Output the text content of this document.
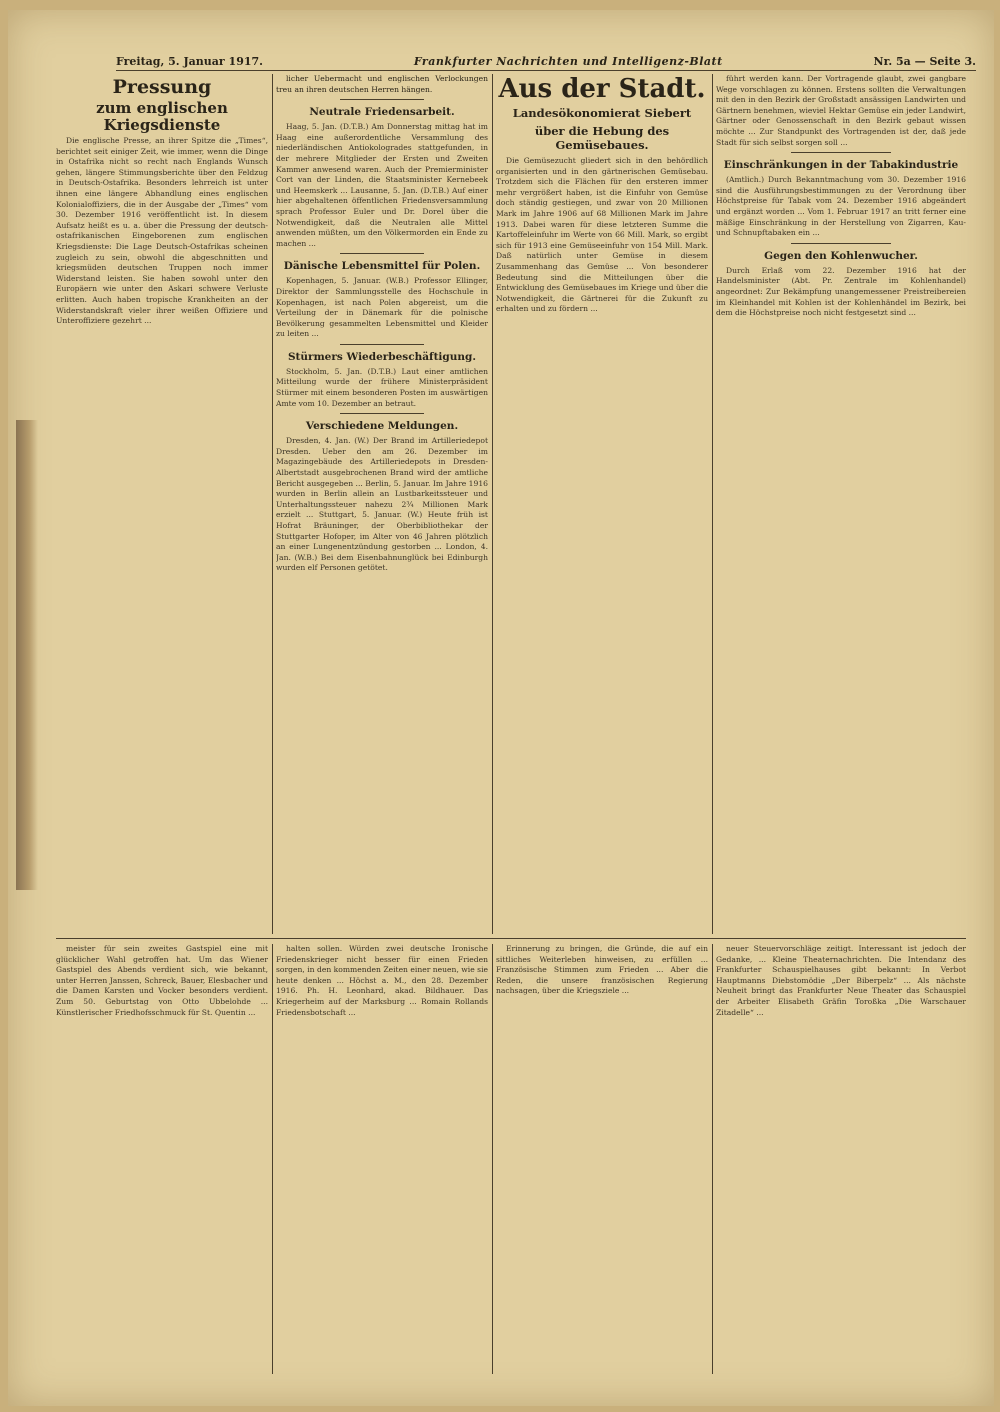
Freitag, 5. Januar 1917.	Frankfurter Nachrichten und Intelligenz-Blatt	Nr. 5a — Seite 3.
Pressung
zum englischen Kriegsdienste

Die englische Presse, an ihrer Spitze die „Times“, berichtet seit einiger Zeit, wie immer, wenn die Dinge in Ostafrika nicht so recht nach Englands Wunsch gehen, längere Stimmungsberichte über den Feldzug in Deutsch-Ostafrika. Besonders lehrreich ist unter ihnen eine längere Abhandlung eines englischen Kolonialoffiziers, die in der Ausgabe der „Times“ vom 30. Dezember 1916 veröffentlicht ist. In diesem Aufsatz heißt es u. a. über die Pressung der deutsch-ostafrikanischen Eingeborenen zum englischen Kriegsdienste: Die Lage Deutsch-Ostafrikas scheinen zugleich zu sein, obwohl die abgeschnitten und kriegsmüden deutschen Truppen noch immer Widerstand leisten. Sie haben sowohl unter den Europäern wie unter den Askari schwere Verluste erlitten. Auch haben tropische Krankheiten an der Widerstandskraft vieler ihrer weißen Offiziere und Unteroffiziere gezehrt ...

licher Uebermacht und englischen Verlockungen treu an ihren deutschen Herren hängen.

Neutrale Friedensarbeit.

Haag, 5. Jan. (D.T.B.) Am Donnerstag mittag hat im Haag eine außerordentliche Versammlung des niederländischen Antiokologrades stattgefunden, in der mehrere Mitglieder der Ersten und Zweiten Kammer anwesend waren. Auch der Premierminister Cort van der Linden, die Staatsminister Kernebeek und Heemskerk ... Lausanne, 5. Jan. (D.T.B.) Auf einer hier abgehaltenen öffentlichen Friedensversammlung sprach Professor Euler und Dr. Dorel über die Notwendigkeit, daß die Neutralen alle Mittel anwenden müßten, um den Völkermorden ein Ende zu machen ...

Dänische Lebensmittel für Polen.

Kopenhagen, 5. Januar. (W.B.) Professor Ellinger, Direktor der Sammlungsstelle des Hochschule in Kopenhagen, ist nach Polen abgereist, um die Verteilung der in Dänemark für die polnische Bevölkerung gesammelten Lebensmittel und Kleider zu leiten ...

Stürmers Wiederbeschäftigung.

Stockholm, 5. Jan. (D.T.B.) Laut einer amtlichen Mitteilung wurde der frühere Ministerpräsident Stürmer mit einem besonderen Posten im auswärtigen Amte vom 10. Dezember an betraut.

Verschiedene Meldungen.

Dresden, 4. Jan. (W.) Der Brand im Artilleriedepot Dresden. Ueber den am 26. Dezember im Magazingebäude des Artilleriedepots in Dresden-Albertstadt ausgebrochenen Brand wird der amtliche Bericht ausgegeben ... Berlin, 5. Januar. Im Jahre 1916 wurden in Berlin allein an Lustbarkeitssteuer und Unterhaltungssteuer nahezu 2¾ Millionen Mark erzielt ... Stuttgart, 5. Januar. (W.) Heute früh ist Hofrat Bräuninger, der Oberbibliothekar der Stuttgarter Hofoper, im Alter von 46 Jahren plötzlich an einer Lungenentzündung gestorben ... London, 4. Jan. (W.B.) Bei dem Eisenbahnunglück bei Edinburgh wurden elf Personen getötet.

Aus der Stadt.
Landesökonomierat Siebert
über die Hebung des Gemüsebaues.

Die Gemüsezucht gliedert sich in den behördlich organisierten und in den gärtnerischen Gemüsebau. Trotzdem sich die Flächen für den ersteren immer mehr vergrößert haben, ist die Einfuhr von Gemüse doch ständig gestiegen, und zwar von 20 Millionen Mark im Jahre 1906 auf 68 Millionen Mark im Jahre 1913. Dabei waren für diese letzteren Summe die Kartoffeleinfuhr im Werte von 66 Mill. Mark, so ergibt sich für 1913 eine Gemüseeinfuhr von 154 Mill. Mark. Daß natürlich unter Gemüse in diesem Zusammenhang das Gemüse ... Von besonderer Bedeutung sind die Mitteilungen über die Entwicklung des Gemüsebaues im Kriege und über die Notwendigkeit, die Gärtnerei für die Zukunft zu erhalten und zu fördern ...

führt werden kann. Der Vortragende glaubt, zwei gangbare Wege vorschlagen zu können. Erstens sollten die Verwaltungen mit den in den Bezirk der Großstadt ansässigen Landwirten und Gärtnern benehmen, wieviel Hektar Gemüse ein jeder Landwirt, Gärtner oder Genossenschaft in den Bezirk gebaut wissen möchte ... Zur Standpunkt des Vortragenden ist der, daß jede Stadt für sich selbst sorgen soll ...

Einschränkungen in der Tabakindustrie

(Amtlich.) Durch Bekanntmachung vom 30. Dezember 1916 sind die Ausführungsbestimmungen zu der Verordnung über Höchstpreise für Tabak vom 24. Dezember 1916 abgeändert und ergänzt worden ... Vom 1. Februar 1917 an tritt ferner eine mäßige Einschränkung in der Herstellung von Zigarren, Kau- und Schnupftabaken ein ...

Gegen den Kohlenwucher.

Durch Erlaß vom 22. Dezember 1916 hat der Handelsminister (Abt. Pr. Zentrale im Kohlenhandel) angeordnet: Zur Bekämpfung unangemessener Preistreibereien im Kleinhandel mit Kohlen ist der Kohlenhändel im Bezirk, bei dem die Höchstpreise noch nicht festgesetzt sind ...

meister für sein zweites Gastspiel eine mit glücklicher Wahl getroffen hat. Um das Wiener Gastspiel des Abends verdient sich, wie bekannt, unter Herren Janssen, Schreck, Bauer, Elesbacher und die Damen Karsten und Vocker besonders verdient. Zum 50. Geburtstag von Otto Ubbelohde ... Künstlerischer Friedhofsschmuck für St. Quentin ...

halten sollen. Würden zwei deutsche Ironische Friedenskrieger nicht besser für einen Frieden sorgen, in den kommenden Zeiten einer neuen, wie sie heute denken ... Höchst a. M., den 28. Dezember 1916. Ph. H. Leonhard, akad. Bildhauer. Das Kriegerheim auf der Marksburg ... Romain Rollands Friedensbotschaft ...

Erinnerung zu bringen, die Gründe, die auf ein sittliches Weiterleben hinweisen, zu erfüllen ... Französische Stimmen zum Frieden ... Aber die Reden, die unsere französischen Regierung nachsagen, über die Kriegsziele ...

neuer Steuervorschläge zeitigt. Interessant ist jedoch der Gedanke, ... Kleine Theaternachrichten. Die Intendanz des Frankfurter Schauspielhauses gibt bekannt: In Verbot Hauptmanns Diebstomödie „Der Biberpelz“ ... Als nächste Neuheit bringt das Frankfurter Neue Theater das Schauspiel der Arbeiter Elisabeth Gräfin Toroßka „Die Warschauer Zitadelle“ ...
